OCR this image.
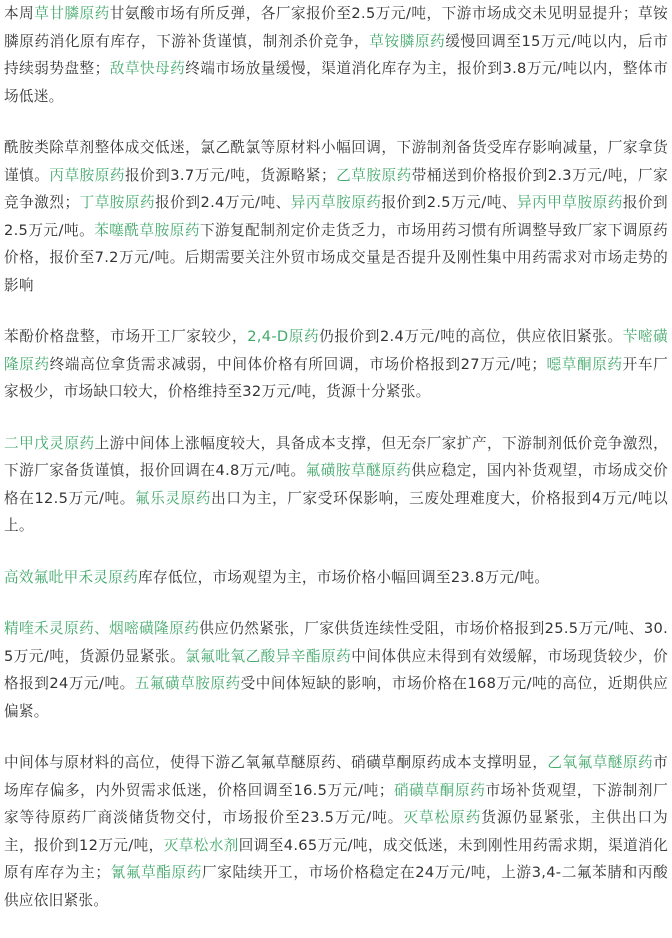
本周草甘膦原药甘氨酸市场有所反弹，各厂家报价至2.5万元/吨，下游市场成交未见明显提升；草铵膦原药消化原有库存，下游补货谨慎，制剂杀价竞争，草铵膦原药缓慢回调至15万元/吨以内，后市持续弱势盘整；敌草快母药终端市场放量缓慢，渠道消化库存为主，报价到3.8万元/吨以内，整体市场低迷。

酰胺类除草剂整体成交低迷，氯乙酰氯等原材料小幅回调，下游制剂备货受库存影响减量，厂家拿货谨慎。丙草胺原药报价到3.7万元/吨，货源略紧；乙草胺原药带桶送到价格报价到2.3万元/吨，厂家竞争激烈；丁草胺原药报价到2.4万元/吨、异丙草胺原药报价到2.5万元/吨、异丙甲草胺原药报价到2.5万元/吨。苯噻酰草胺原药下游复配制剂定价走货乏力，市场用药习惯有所调整导致厂家下调原药价格，报价至7.2万元/吨。后期需要关注外贸市场成交量是否提升及刚性集中用药需求对市场走势的影响

苯酚价格盘整，市场开工厂家较少，2,4-D原药仍报价到2.4万元/吨的高位，供应依旧紧张。苄嘧磺隆原药终端高位拿货需求减弱，中间体价格有所回调，市场价格报到27万元/吨；噁草酮原药开车厂家极少，市场缺口较大，价格维持至32万元/吨，货源十分紧张。

二甲戊灵原药上游中间体上涨幅度较大，具备成本支撑，但无奈厂家扩产，下游制剂低价竞争激烈，下游厂家备货谨慎，报价回调在4.8万元/吨。氟磺胺草醚原药供应稳定，国内补货观望，市场成交价格在12.5万元/吨。氟乐灵原药出口为主，厂家受环保影响，三废处理难度大，价格报到4万元/吨以上。

高效氟吡甲禾灵原药库存低位，市场观望为主，市场价格小幅回调至23.8万元/吨。

精喹禾灵原药、烟嘧磺隆原药供应仍然紧张，厂家供货连续性受阻，市场价格报到25.5万元/吨、30.5万元/吨，货源仍显紧张。氯氟吡氧乙酸异辛酯原药中间体供应未得到有效缓解，市场现货较少，价格报到24万元/吨。五氟磺草胺原药受中间体短缺的影响，市场价格在168万元/吨的高位，近期供应偏紧。

中间体与原材料的高位，使得下游乙氧氟草醚原药、硝磺草酮原药成本支撑明显，乙氧氟草醚原药市场库存偏多，内外贸需求低迷，价格回调至16.5万元/吨；硝磺草酮原药市场补货观望，下游制剂厂家等待原药厂商淡储货物交付，市场报价至23.5万元/吨。灭草松原药货源仍显紧张，主供出口为主，报价到12万元/吨，灭草松水剂回调至4.65万元/吨，成交低迷，未到刚性用药需求期，渠道消化原有库存为主；氰氟草酯原药厂家陆续开工，市场价格稳定在24万元/吨，上游3,4-二氟苯腈和丙酸供应依旧紧张。
